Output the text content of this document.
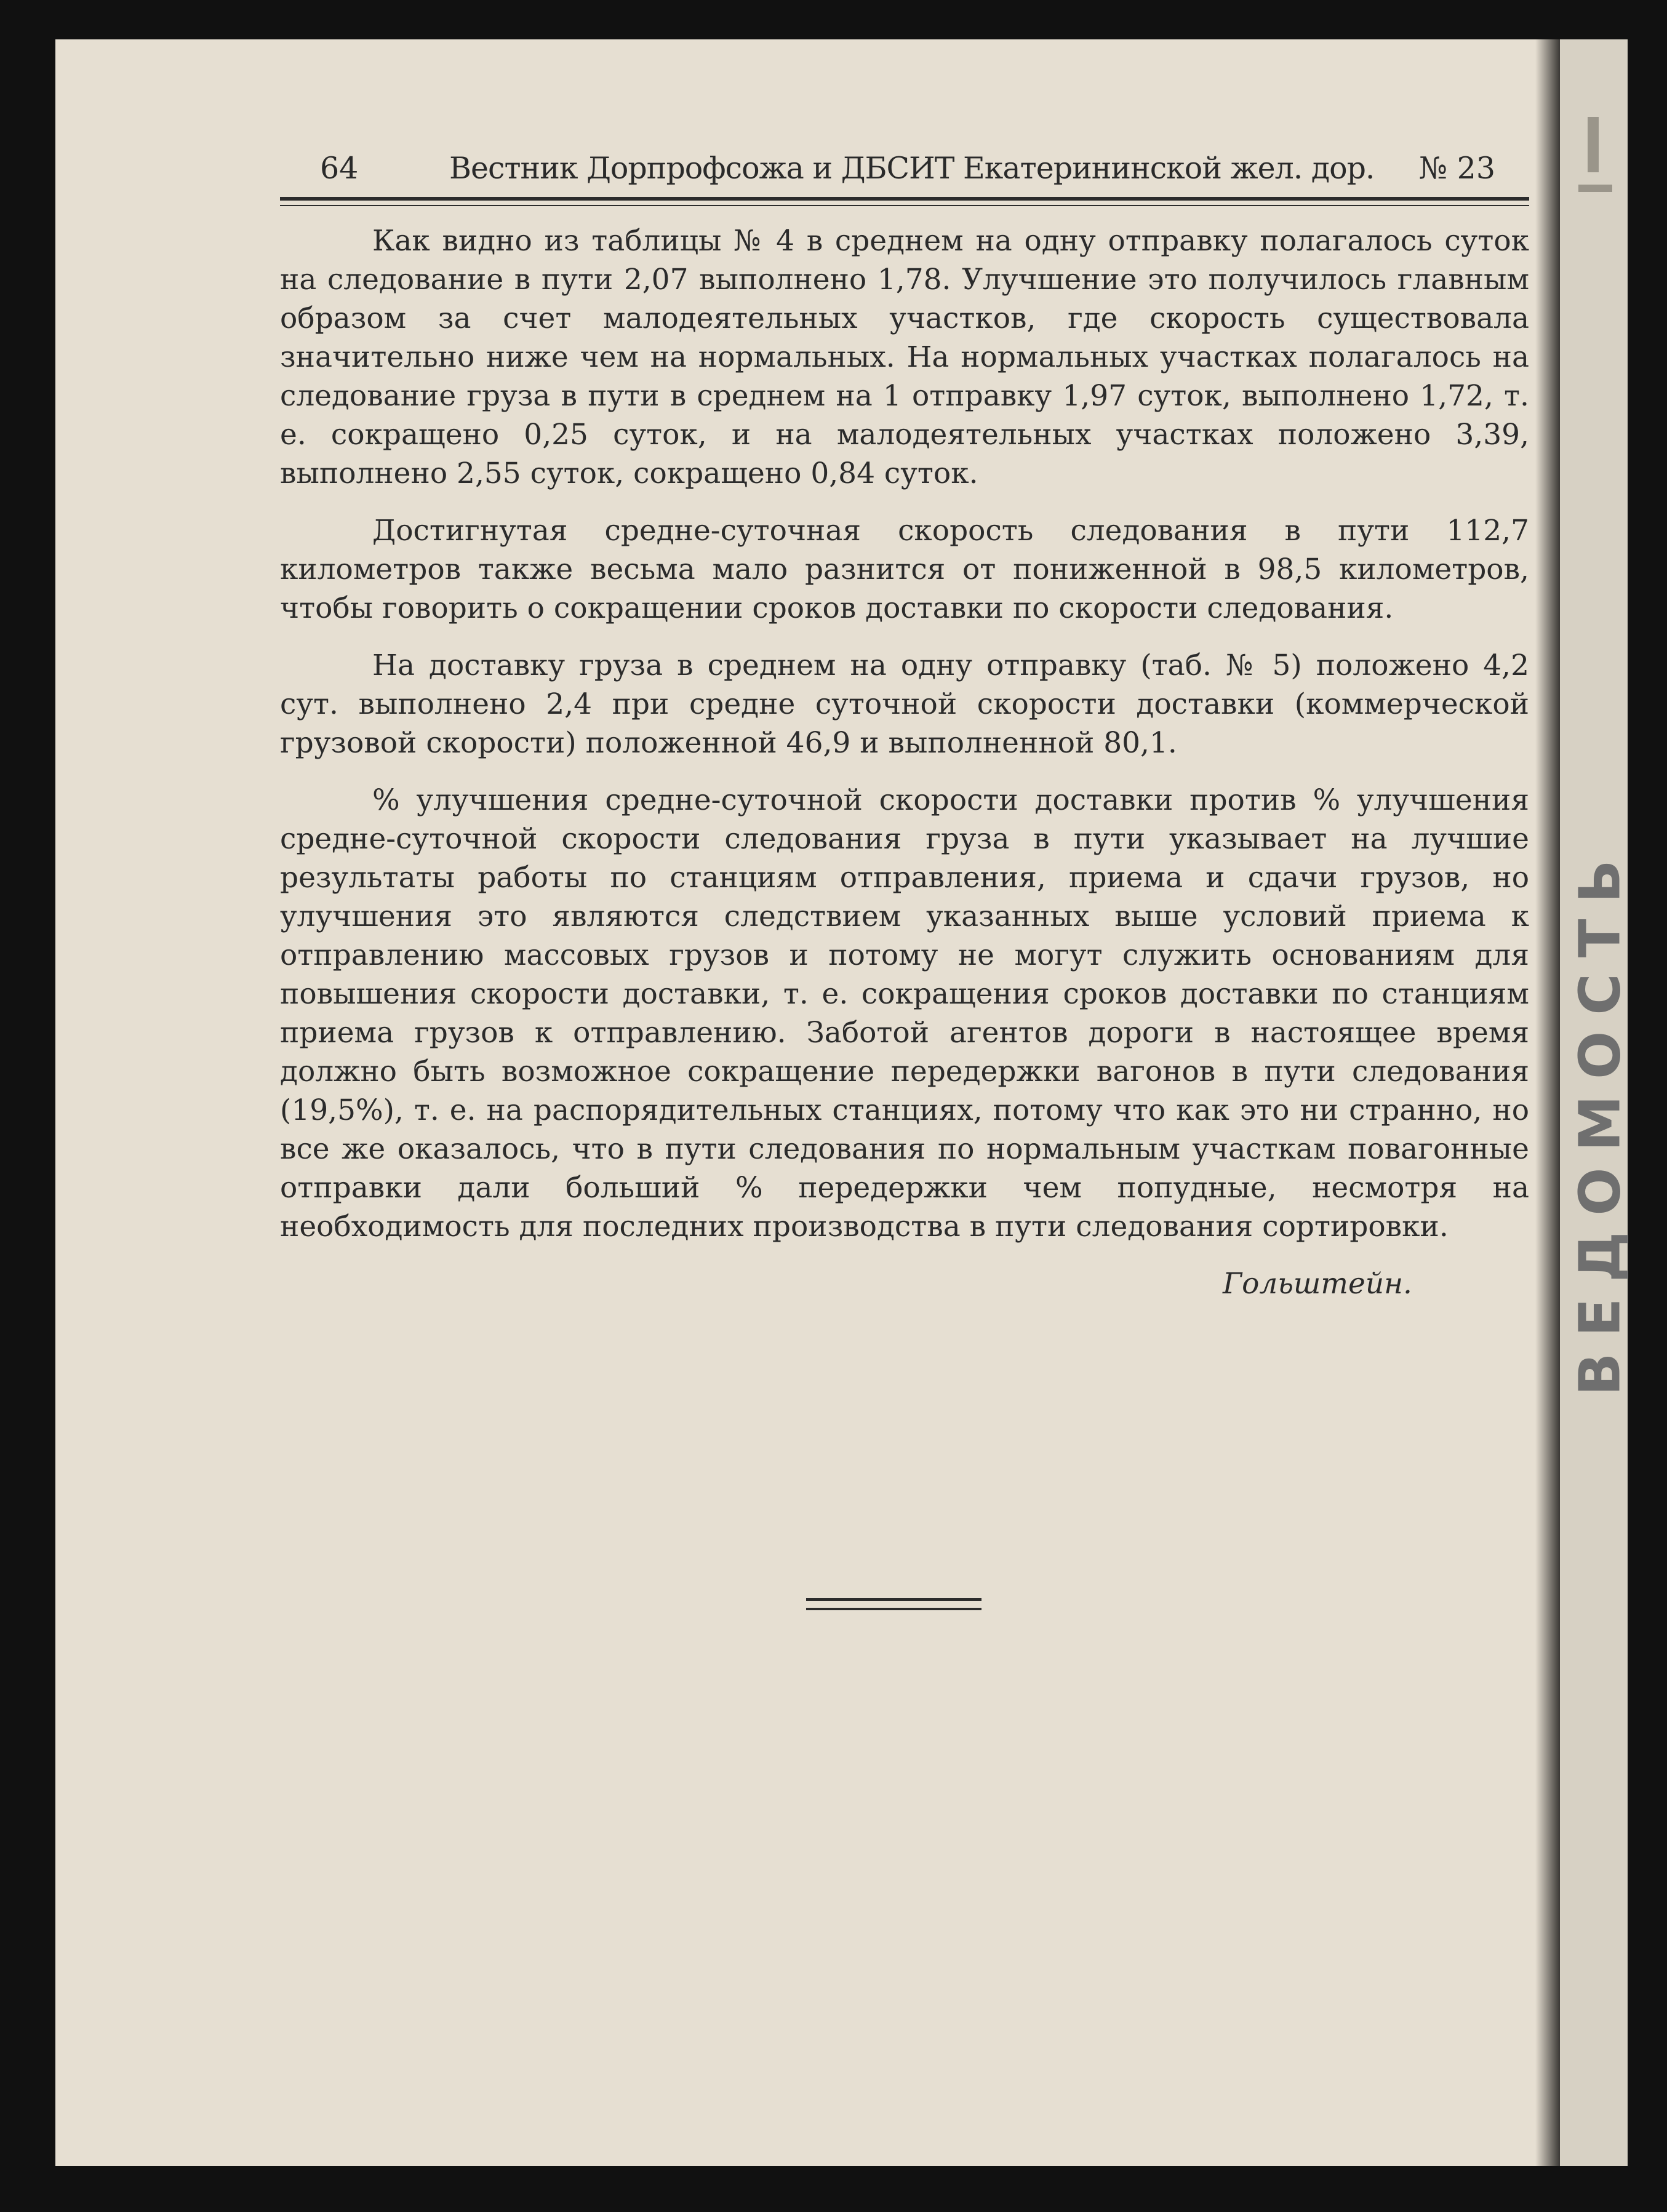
64	Вестник Дорпрофсожа и ДБСИТ Екатерининской жел. дор. № 23

Как видно из таблицы № 4 в среднем на одну отправку полагалось суток на следование в пути 2,07 выполнено 1,78. Улучшение это получилось главным образом за счет малодеятельных участков, где скорость существовала значительно ниже чем на нормальных. На нормальных участках полагалось на следование груза в пути в среднем на 1 отправку 1,97 суток, выполнено 1,72, т. е. сокращено 0,25 суток, и на малодеятельных участках положено 3,39, выполнено 2,55 суток, сокращено 0,84 суток.

Достигнутая средне-суточная скорость следования в пути 112,7 километров также весьма мало разнится от пониженной в 98,5 километров, чтобы говорить о сокращении сроков доставки по скорости следования.

На доставку груза в среднем на одну отправку (таб. № 5) положено 4,2 сут. выполнено 2,4 при средне суточной скорости доставки (коммерческой грузовой скорости) положенной 46,9 и выполненной 80,1.

% улучшения средне-суточной скорости доставки против % улучшения средне-суточной скорости следования груза в пути указывает на лучшие результаты работы по станциям отправления, приема и сдачи грузов, но улучшения это являются следствием указанных выше условий приема к отправлению массовых грузов и потому не могут служить основаниям для повышения скорости доставки, т. е. сокращения сроков доставки по станциям приема грузов к отправлению. Заботой агентов дороги в настоящее время должно быть возможное сокращение передержки вагонов в пути следования (19,5%), т. е. на распорядительных станциях, потому что как это ни странно, но все же оказалось, что в пути следования по нормальным участкам повагонные отправки дали больший % передержки чем попудные, несмотря на необходимость для последних производства в пути следования сортировки.

Гольштейн.	ВЕДОМОСТЬ
